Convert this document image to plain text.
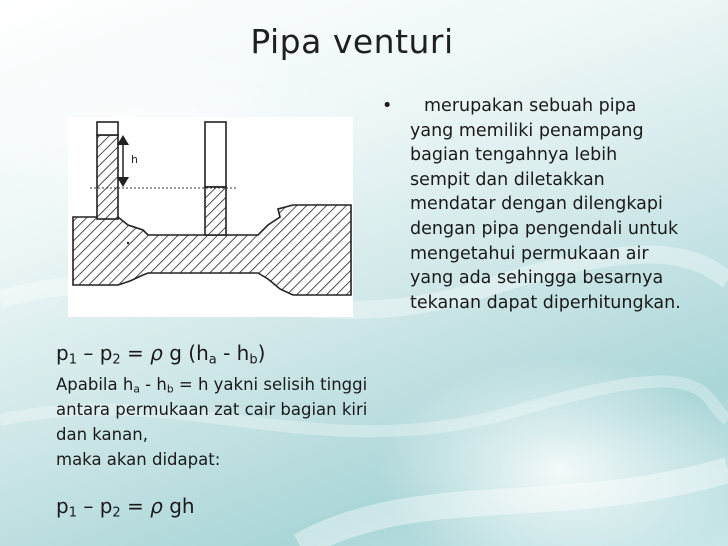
Pipa venturi
h
•	merupakan sebuah pipa yang memiliki penampang bagian tengahnya lebih sempit dan diletakkan mendatar dengan dilengkapi dengan pipa pengendali untuk mengetahui permukaan air yang ada sehingga besarnya tekanan dapat diperhitungkan.
$p_1 - p_2 = \rho$ g $(h_a - h_b)$
Apabila $h_a - h_b = h$ yakni selisih tinggi antara permukaan zat cair bagian kiri dan kanan,
maka akan didapat:
$p_1 - p_2 = \rho$ gh
